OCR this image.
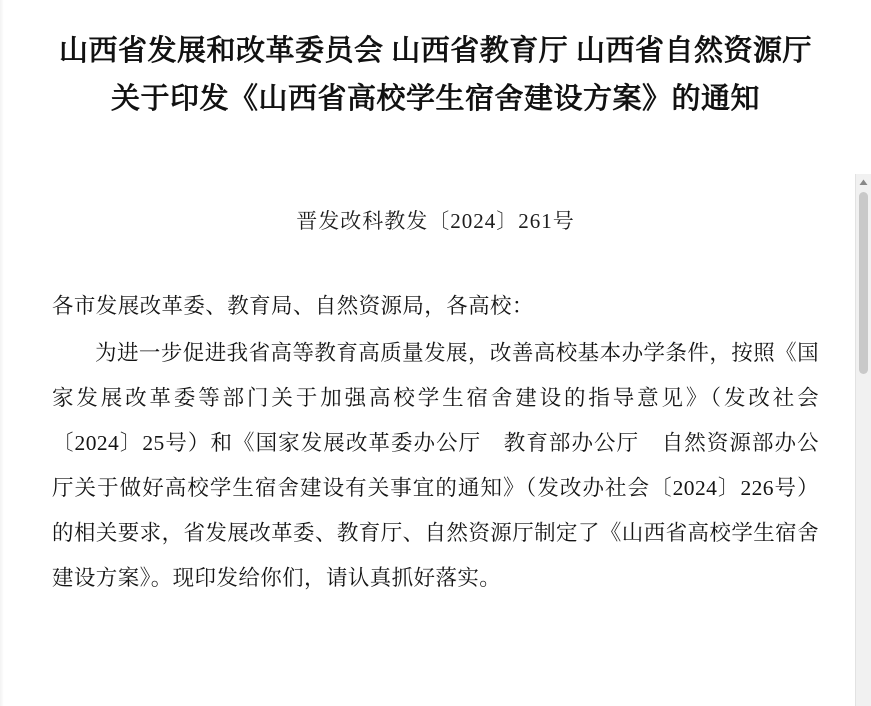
山西省发展和改革委员会 山西省教育厅 山西省自然资源厅
关于印发《山西省高校学生宿舍建设方案》的通知
晋发改科教发〔2024〕261号

各市发展改革委、教育局、自然资源局，各高校：

为进一步促进我省高等教育高质量发展，改善高校基本办学条件，按照《国家发展改革委等部门关于加强高校学生宿舍建设的指导意见》（发改社会〔2024〕25号）和《国家发展改革委办公厅　教育部办公厅　自然资源部办公厅关于做好高校学生宿舍建设有关事宜的通知》（发改办社会〔2024〕226号）的相关要求，省发展改革委、教育厅、自然资源厅制定了《山西省高校学生宿舍建设方案》。现印发给你们，请认真抓好落实。
